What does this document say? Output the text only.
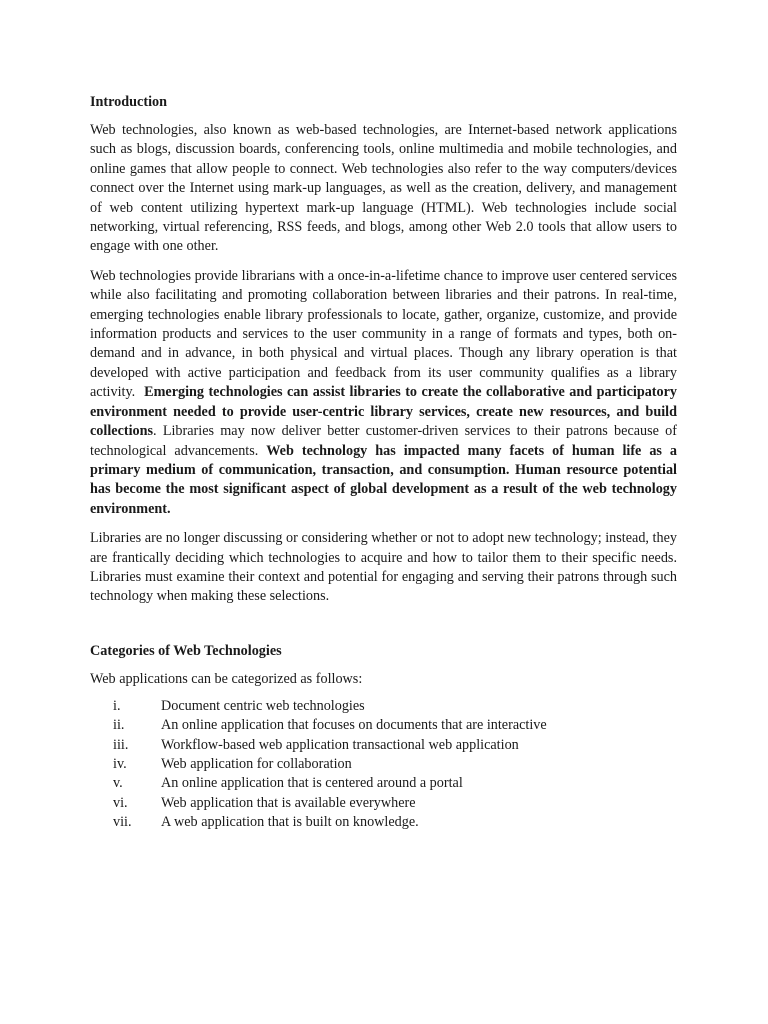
Introduction

Web technologies, also known as web-based technologies, are Internet-based network applications such as blogs, discussion boards, conferencing tools, online multimedia and mobile technologies, and online games that allow people to connect. Web technologies also refer to the way computers/devices connect over the Internet using mark-up languages, as well as the creation, delivery, and management of web content utilizing hypertext mark-up language (HTML). Web technologies include social networking, virtual referencing, RSS feeds, and blogs, among other Web 2.0 tools that allow users to engage with one other.

Web technologies provide librarians with a once-in-a-lifetime chance to improve user centered services while also facilitating and promoting collaboration between libraries and their patrons. In real-time, emerging technologies enable library professionals to locate, gather, organize, customize, and provide information products and services to the user community in a range of formats and types, both on-demand and in advance, in both physical and virtual places. Though any library operation is that developed with active participation and feedback from its user community qualifies as a library activity. Emerging technologies can assist libraries to create the collaborative and participatory environment needed to provide user-centric library services, create new resources, and build collections. Libraries may now deliver better customer-driven services to their patrons because of technological advancements. Web technology has impacted many facets of human life as a primary medium of communication, transaction, and consumption. Human resource potential has become the most significant aspect of global development as a result of the web technology environment.

Libraries are no longer discussing or considering whether or not to adopt new technology; instead, they are frantically deciding which technologies to acquire and how to tailor them to their specific needs. Libraries must examine their context and potential for engaging and serving their patrons through such technology when making these selections.

Categories of Web Technologies

Web applications can be categorized as follows:

i.	Document centric web technologies
ii.	An online application that focuses on documents that are interactive
iii.	Workflow-based web application transactional web application
iv.	Web application for collaboration
v.	An online application that is centered around a portal
vi.	Web application that is available everywhere
vii.	A web application that is built on knowledge.
